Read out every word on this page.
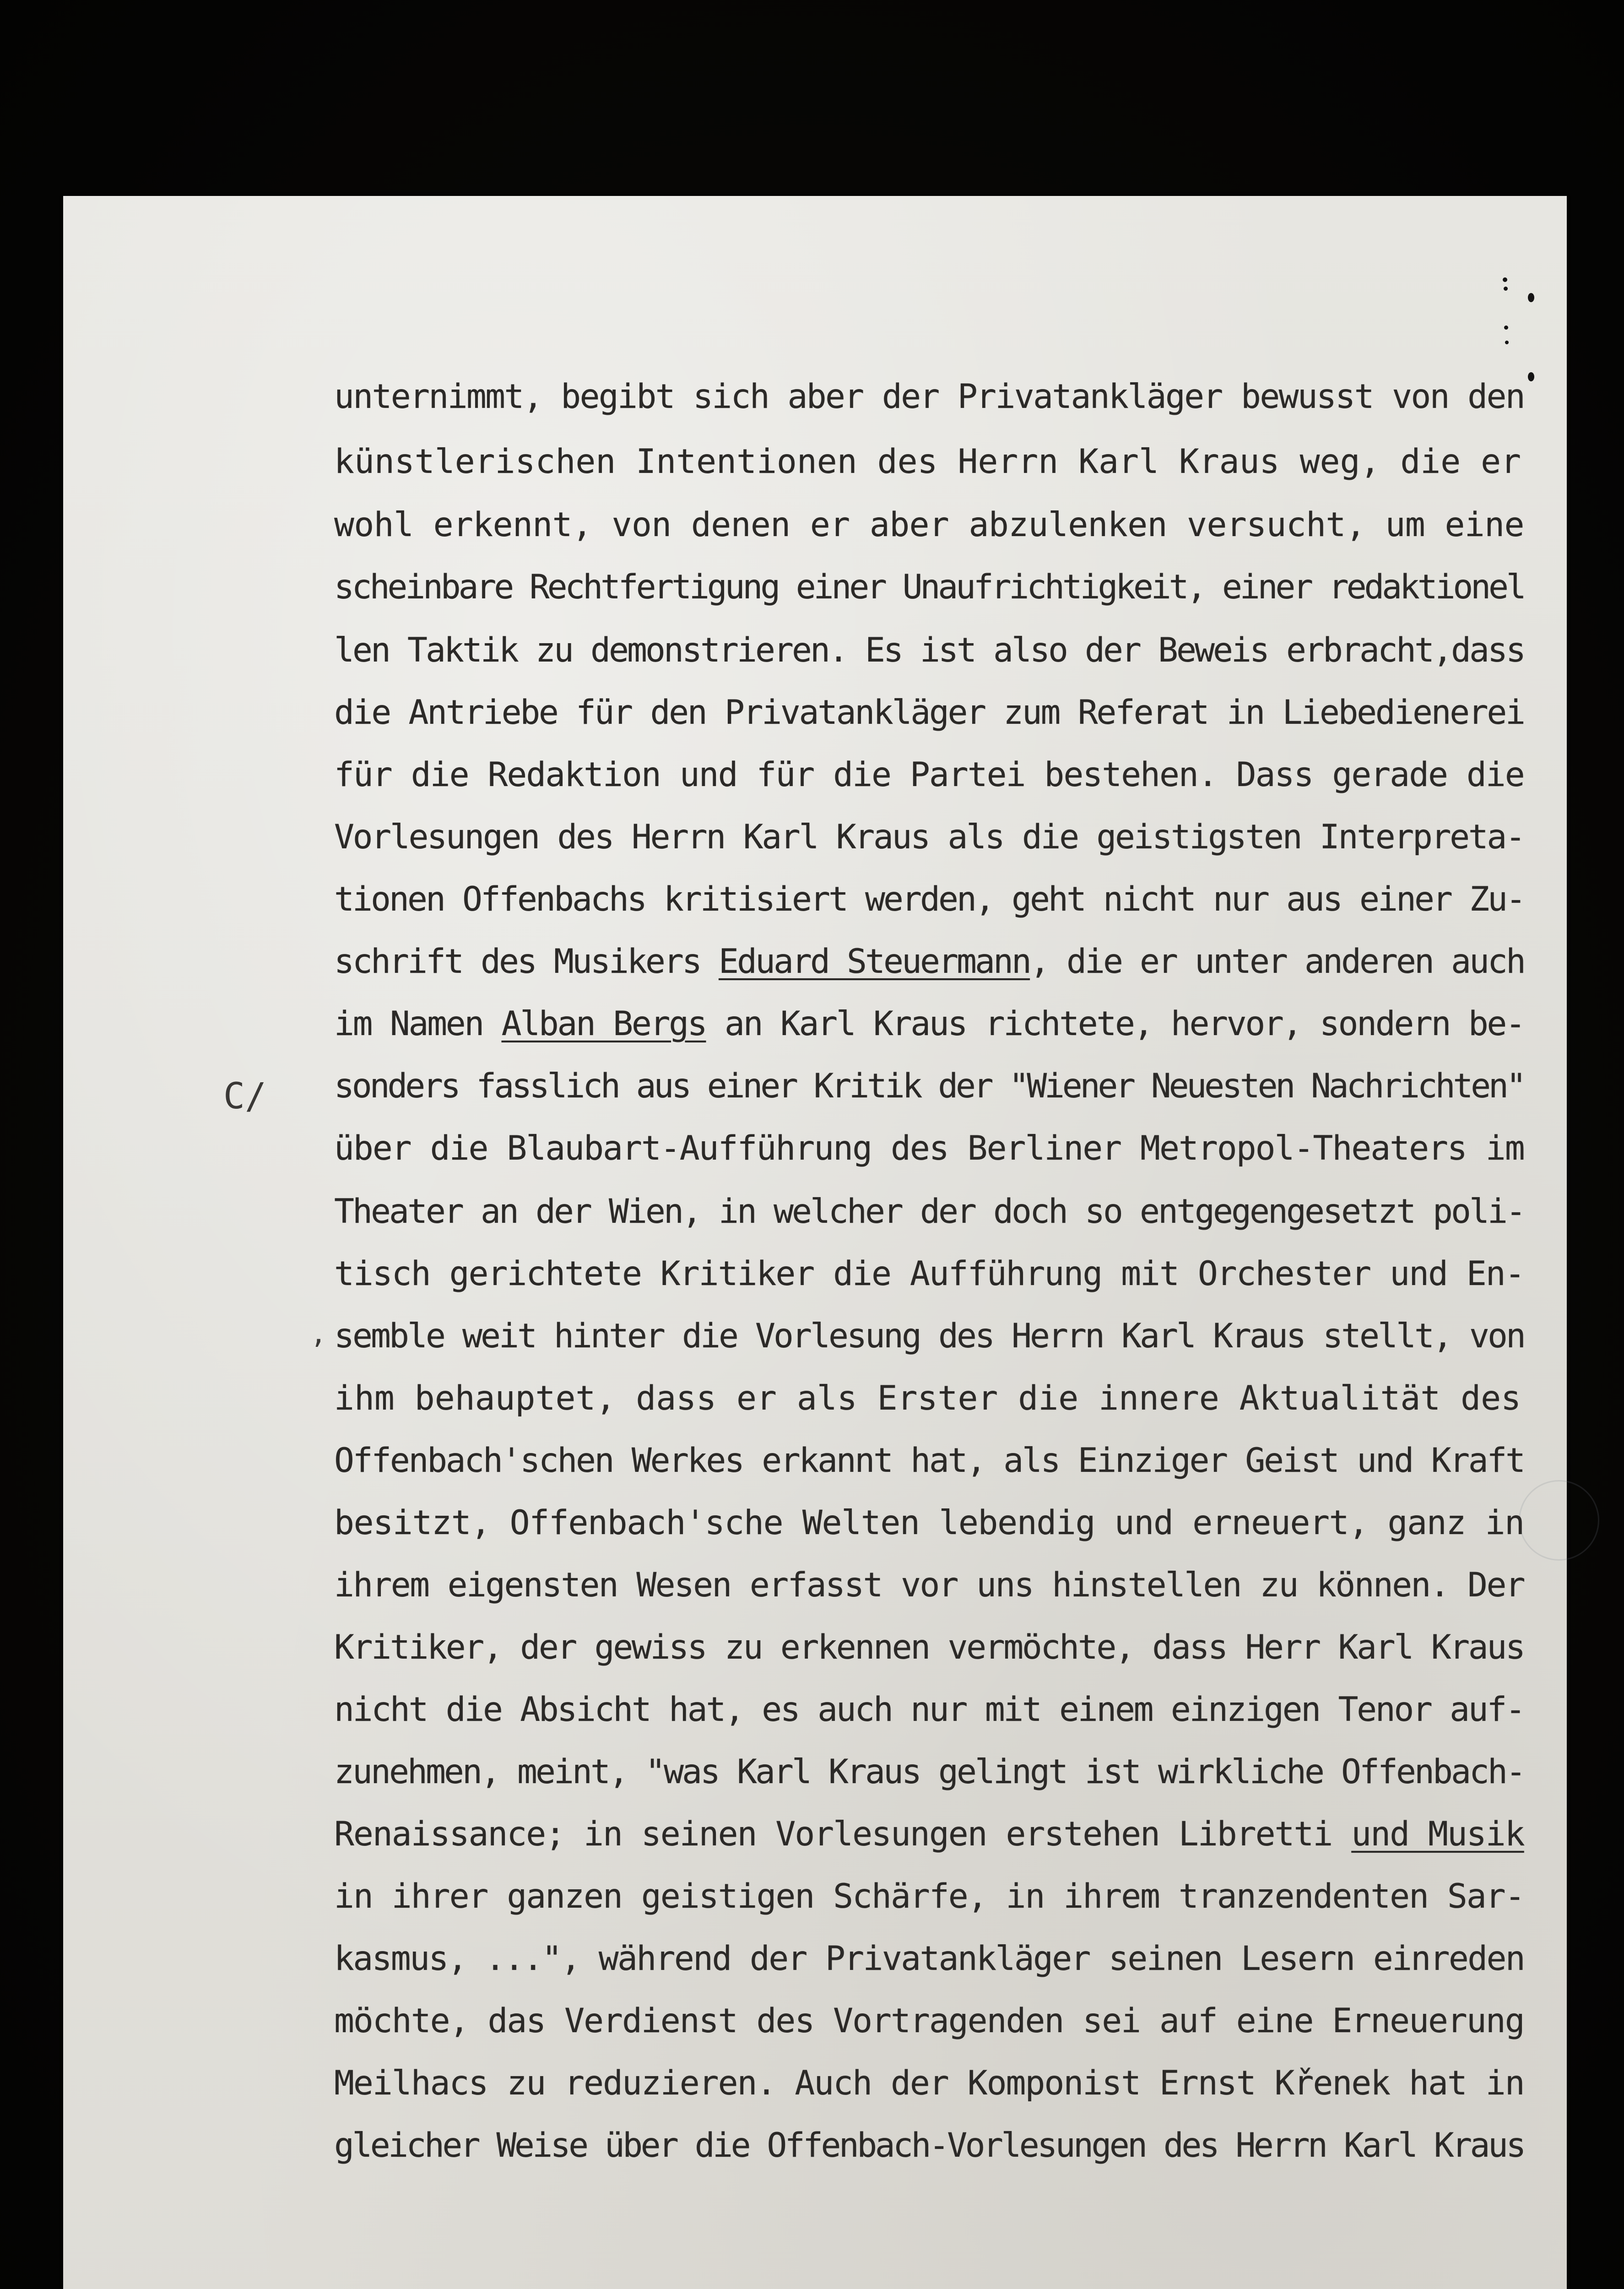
C/
ʼ
unternimmt, begibt sich aber der Privatankläger bewusst von den
künstlerischen Intentionen des Herrn Karl Kraus weg, die er
wohl erkennt, von denen er aber abzulenken versucht, um eine
scheinbare Rechtfertigung einer Unaufrichtigkeit, einer redaktionel
len Taktik zu demonstrieren. Es ist also der Beweis erbracht,dass
die Antriebe für den Privatankläger zum Referat in Liebedienerei
für die Redaktion und für die Partei bestehen. Dass gerade die
Vorlesungen des Herrn Karl Kraus als die geistigsten Interpreta-
tionen Offenbachs kritisiert werden, geht nicht nur aus einer Zu-
schrift des Musikers Eduard Steuermann, die er unter anderen auch
im Namen Alban Bergs an Karl Kraus richtete, hervor, sondern be-
sonders fasslich aus einer Kritik der "Wiener Neuesten Nachrichten"
über die Blaubart-Aufführung des Berliner Metropol-Theaters im
Theater an der Wien, in welcher der doch so entgegengesetzt poli-
tisch gerichtete Kritiker die Aufführung mit Orchester und En-
semble weit hinter die Vorlesung des Herrn Karl Kraus stellt, von
ihm behauptet, dass er als Erster die innere Aktualität des
Offenbach'schen Werkes erkannt hat, als Einziger Geist und Kraft
besitzt, Offenbach'sche Welten lebendig und erneuert, ganz in
ihrem eigensten Wesen erfasst vor uns hinstellen zu können. Der
Kritiker, der gewiss zu erkennen vermöchte, dass Herr Karl Kraus
nicht die Absicht hat, es auch nur mit einem einzigen Tenor auf-
zunehmen, meint, "was Karl Kraus gelingt ist wirkliche Offenbach-
Renaissance; in seinen Vorlesungen erstehen Libretti und Musik
in ihrer ganzen geistigen Schärfe, in ihrem tranzendenten Sar-
kasmus, ...", während der Privatankläger seinen Lesern einreden
möchte, das Verdienst des Vortragenden sei auf eine Erneuerung
Meilhacs zu reduzieren. Auch der Komponist Ernst Křenek hat in
gleicher Weise über die Offenbach-Vorlesungen des Herrn Karl Kraus
